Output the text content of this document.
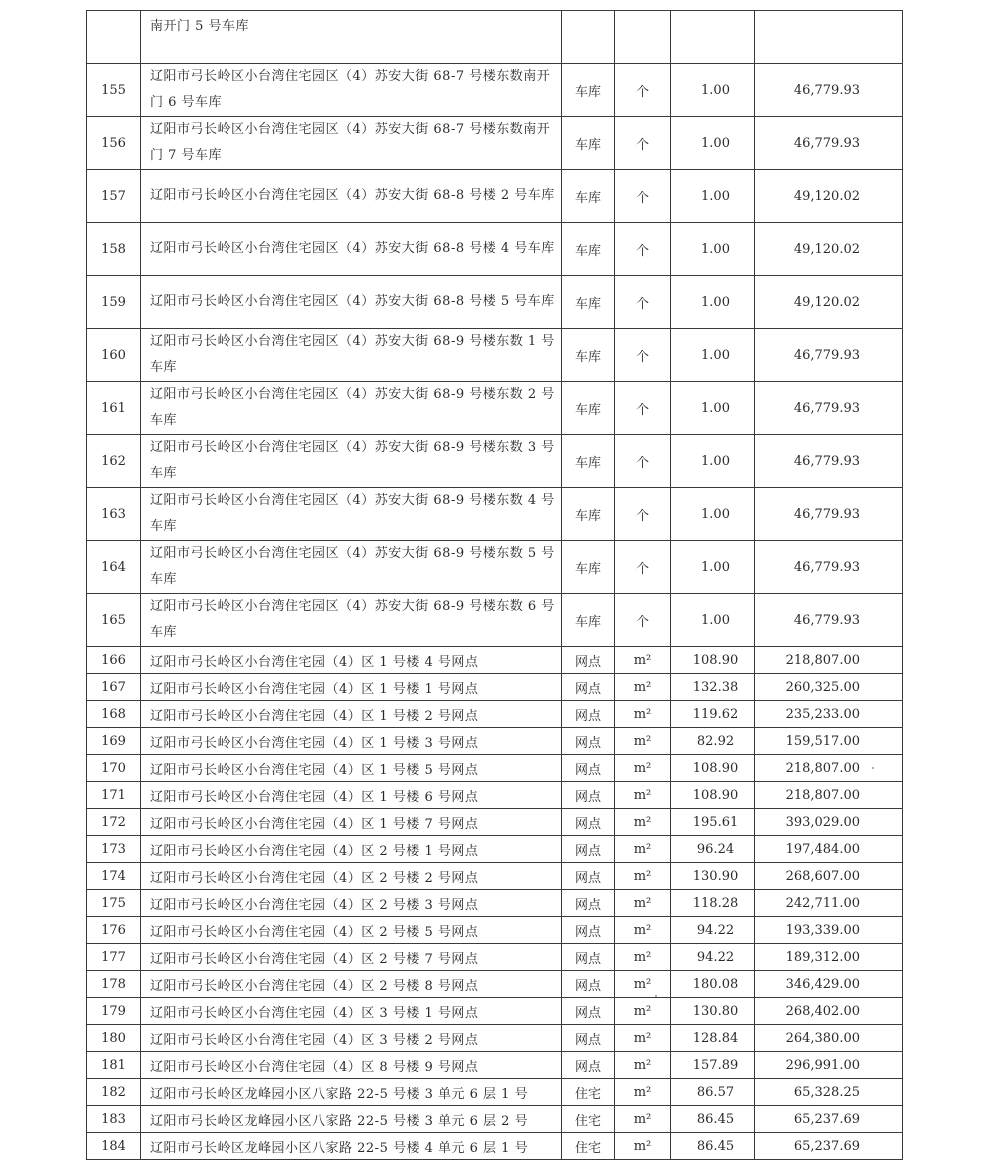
	南开门 5 号车库				
155	辽阳市弓长岭区小台湾住宅园区（4）苏安大街 68-7 号楼东数南开门 6 号车库	车库	个	1.00	46,779.93
156	辽阳市弓长岭区小台湾住宅园区（4）苏安大街 68-7 号楼东数南开门 7 号车库	车库	个	1.00	46,779.93
157	辽阳市弓长岭区小台湾住宅园区（4）苏安大街 68-8 号楼 2 号车库	车库	个	1.00	49,120.02
158	辽阳市弓长岭区小台湾住宅园区（4）苏安大街 68-8 号楼 4 号车库	车库	个	1.00	49,120.02
159	辽阳市弓长岭区小台湾住宅园区（4）苏安大街 68-8 号楼 5 号车库	车库	个	1.00	49,120.02
160	辽阳市弓长岭区小台湾住宅园区（4）苏安大街 68-9 号楼东数 1 号车库	车库	个	1.00	46,779.93
161	辽阳市弓长岭区小台湾住宅园区（4）苏安大街 68-9 号楼东数 2 号车库	车库	个	1.00	46,779.93
162	辽阳市弓长岭区小台湾住宅园区（4）苏安大街 68-9 号楼东数 3 号车库	车库	个	1.00	46,779.93
163	辽阳市弓长岭区小台湾住宅园区（4）苏安大街 68-9 号楼东数 4 号车库	车库	个	1.00	46,779.93
164	辽阳市弓长岭区小台湾住宅园区（4）苏安大街 68-9 号楼东数 5 号车库	车库	个	1.00	46,779.93
165	辽阳市弓长岭区小台湾住宅园区（4）苏安大街 68-9 号楼东数 6 号车库	车库	个	1.00	46,779.93
166	辽阳市弓长岭区小台湾住宅园（4）区 1 号楼 4 号网点	网点	m²	108.90	218,807.00
167	辽阳市弓长岭区小台湾住宅园（4）区 1 号楼 1 号网点	网点	m²	132.38	260,325.00
168	辽阳市弓长岭区小台湾住宅园（4）区 1 号楼 2 号网点	网点	m²	119.62	235,233.00
169	辽阳市弓长岭区小台湾住宅园（4）区 1 号楼 3 号网点	网点	m²	82.92	159,517.00
170	辽阳市弓长岭区小台湾住宅园（4）区 1 号楼 5 号网点	网点	m²	108.90	218,807.00
171	辽阳市弓长岭区小台湾住宅园（4）区 1 号楼 6 号网点	网点	m²	108.90	218,807.00
172	辽阳市弓长岭区小台湾住宅园（4）区 1 号楼 7 号网点	网点	m²	195.61	393,029.00
173	辽阳市弓长岭区小台湾住宅园（4）区 2 号楼 1 号网点	网点	m²	96.24	197,484.00
174	辽阳市弓长岭区小台湾住宅园（4）区 2 号楼 2 号网点	网点	m²	130.90	268,607.00
175	辽阳市弓长岭区小台湾住宅园（4）区 2 号楼 3 号网点	网点	m²	118.28	242,711.00
176	辽阳市弓长岭区小台湾住宅园（4）区 2 号楼 5 号网点	网点	m²	94.22	193,339.00
177	辽阳市弓长岭区小台湾住宅园（4）区 2 号楼 7 号网点	网点	m²	94.22	189,312.00
178	辽阳市弓长岭区小台湾住宅园（4）区 2 号楼 8 号网点	网点	m²	180.08	346,429.00
179	辽阳市弓长岭区小台湾住宅园（4）区 3 号楼 1 号网点	网点	m²	130.80	268,402.00
180	辽阳市弓长岭区小台湾住宅园（4）区 3 号楼 2 号网点	网点	m²	128.84	264,380.00
181	辽阳市弓长岭区小台湾住宅园（4）区 8 号楼 9 号网点	网点	m²	157.89	296,991.00
182	辽阳市弓长岭区龙峰园小区八家路 22-5 号楼 3 单元 6 层 1 号	住宅	m²	86.57	65,328.25
183	辽阳市弓长岭区龙峰园小区八家路 22-5 号楼 3 单元 6 层 2 号	住宅	m²	86.45	65,237.69
184	辽阳市弓长岭区龙峰园小区八家路 22-5 号楼 4 单元 6 层 1 号	住宅	m²	86.45	65,237.69
